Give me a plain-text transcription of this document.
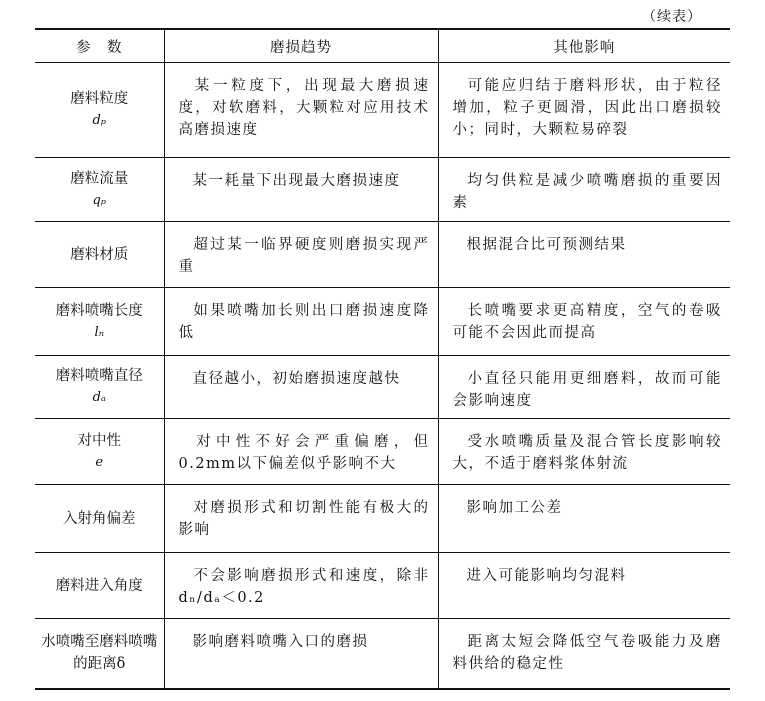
（续表）
参　数	磨损趋势	其他影响
磨料粒度
dₚ	某一粒度下，出现最大磨损速度，对软磨料，大颗粒对应用技术高磨损速度	可能应归结于磨料形状，由于粒径增加，粒子更圆滑，因此出口磨损较小；同时，大颗粒易碎裂
磨粒流量
qₚ	某一耗量下出现最大磨损速度	均匀供粒是减少喷嘴磨损的重要因素
磨料材质	超过某一临界硬度则磨损实现严重	根据混合比可预测结果
磨料喷嘴长度
lₙ	如果喷嘴加长则出口磨损速度降低	长喷嘴要求更高精度，空气的卷吸可能不会因此而提高
磨料喷嘴直径
dₐ	直径越小，初始磨损速度越快	小直径只能用更细磨料，故而可能会影响速度
对中性
e	对中性不好会严重偏磨，但0.2mm以下偏差似乎影响不大	受水喷嘴质量及混合管长度影响较大，不适于磨料浆体射流
入射角偏差	对磨损形式和切割性能有极大的影响	影响加工公差
磨料进入角度	不会影响磨损形式和速度，除非dₙ/dₐ＜0.2	进入可能影响均匀混料
水喷嘴至磨料喷嘴的距离δ	影响磨料喷嘴入口的磨损	距离太短会降低空气卷吸能力及磨料供给的稳定性
